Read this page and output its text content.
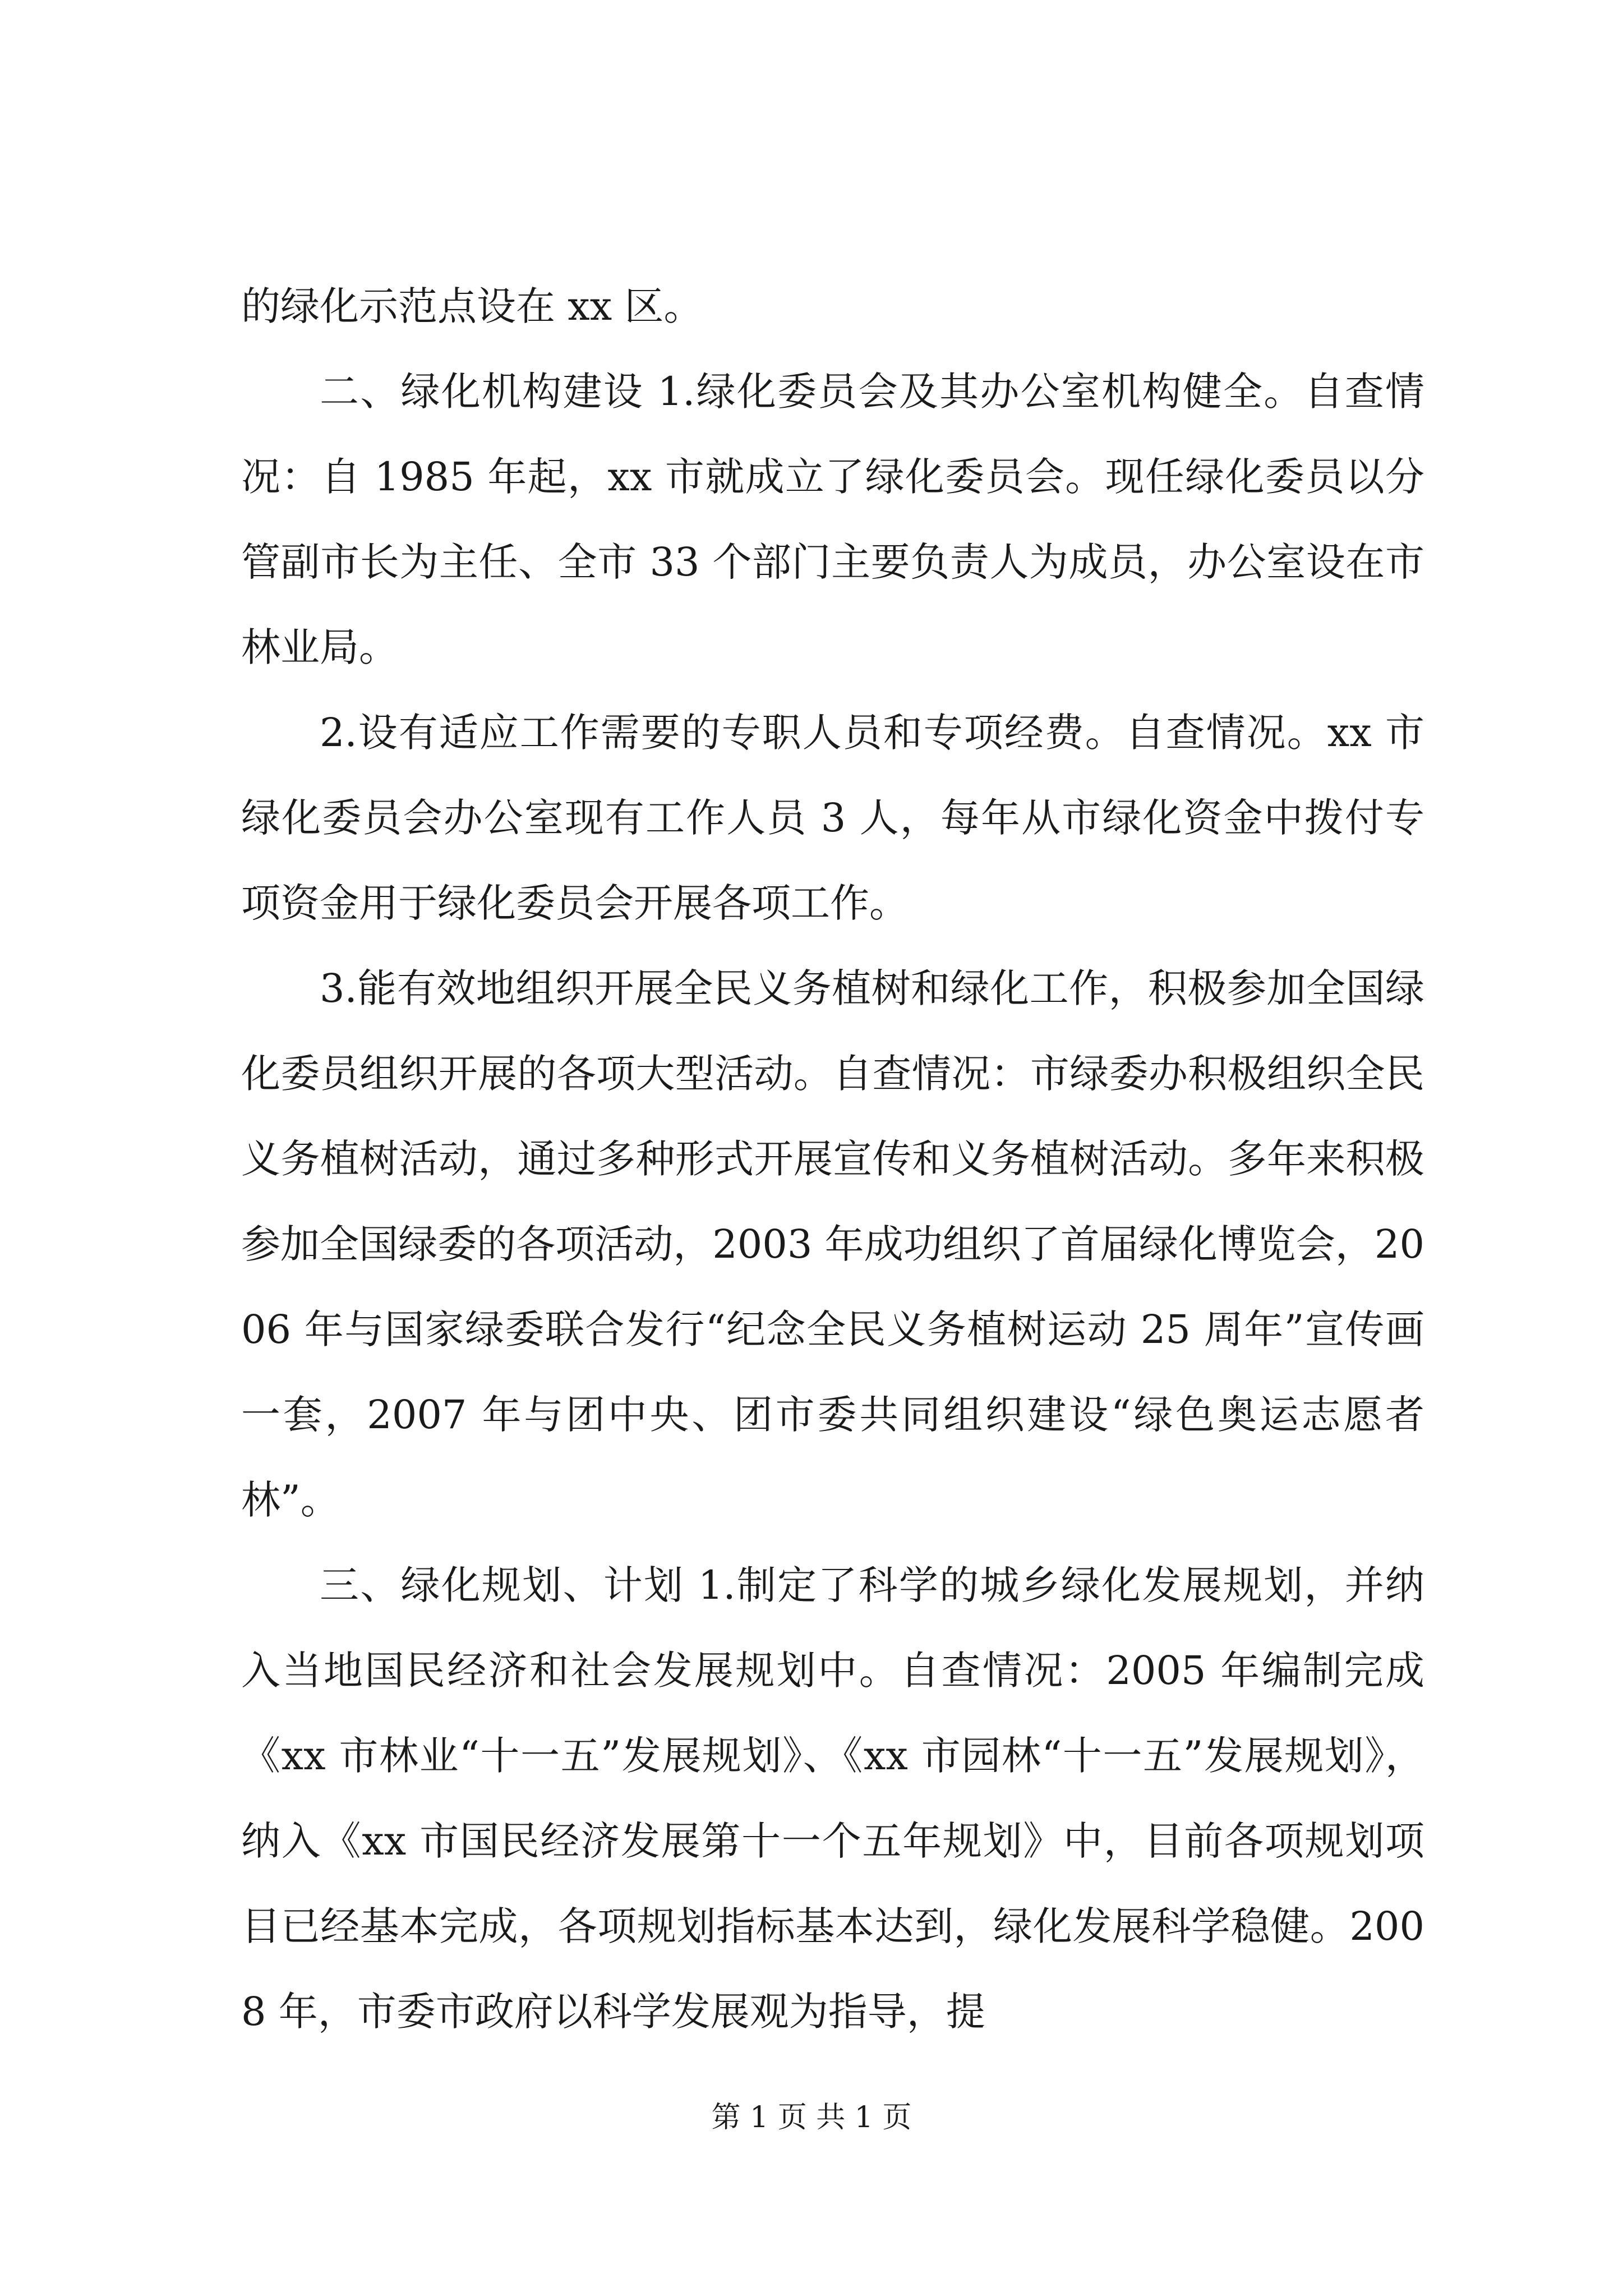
的绿化示范点设在 xx 区。

二、绿化机构建设 1.绿化委员会及其办公室机构健全。自查情况：自 1985 年起，xx 市就成立了绿化委员会。现任绿化委员以分管副市长为主任、全市 33 个部门主要负责人为成员，办公室设在市林业局。

2.设有适应工作需要的专职人员和专项经费。自查情况。xx 市绿化委员会办公室现有工作人员 3 人，每年从市绿化资金中拨付专项资金用于绿化委员会开展各项工作。

3.能有效地组织开展全民义务植树和绿化工作，积极参加全国绿化委员组织开展的各项大型活动。自查情况：市绿委办积极组织全民义务植树活动，通过多种形式开展宣传和义务植树活动。多年来积极参加全国绿委的各项活动，2003 年成功组织了首届绿化博览会，2006 年与国家绿委联合发行“纪念全民义务植树运动 25 周年”宣传画一套，2007 年与团中央、团市委共同组织建设“绿色奥运志愿者林”。

三、绿化规划、计划 1.制定了科学的城乡绿化发展规划，并纳入当地国民经济和社会发展规划中。自查情况：2005 年编制完成《xx 市林业“十一五”发展规划》、《xx 市园林“十一五”发展规划》，纳入《xx 市国民经济发展第十一个五年规划》中，目前各项规划项目已经基本完成，各项规划指标基本达到，绿化发展科学稳健。2008 年，市委市政府以科学发展观为指导，提

第 1 页 共 1 页
